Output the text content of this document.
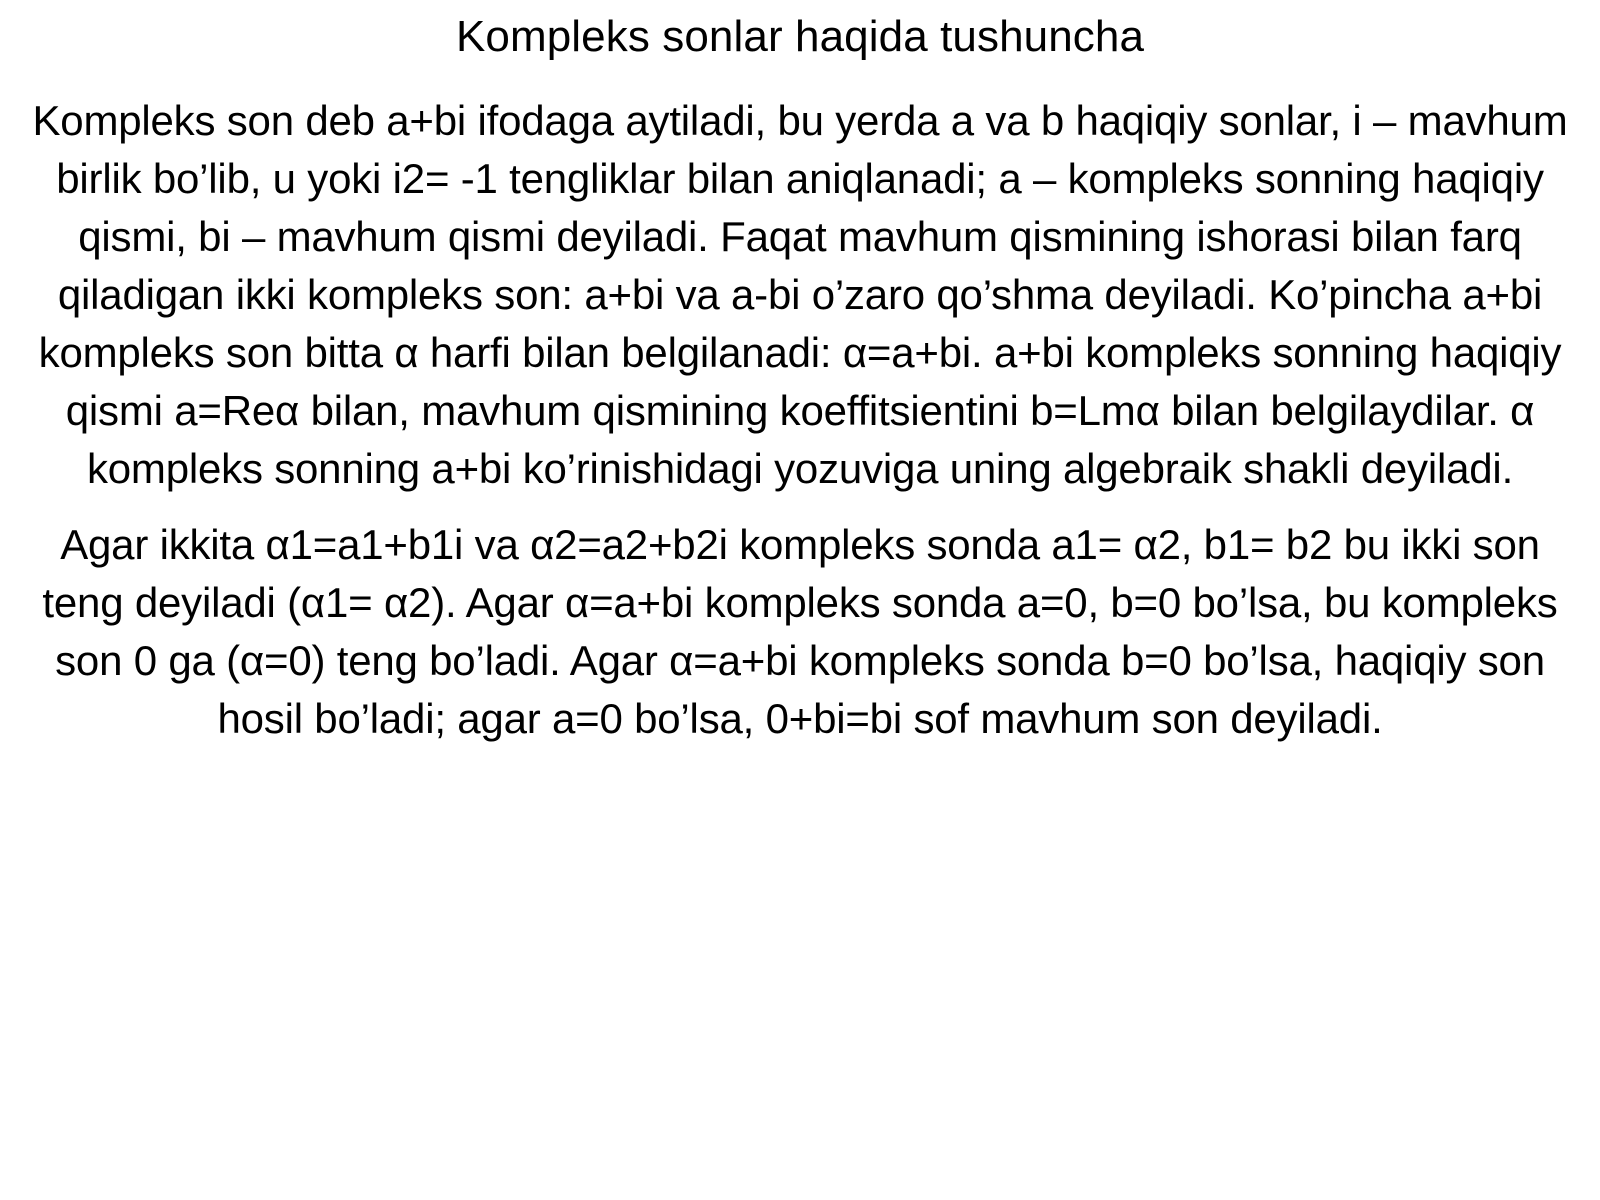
Kompleks sonlar haqida tushuncha

Kompleks son deb a+bi ifodaga aytiladi, bu yerda a va b haqiqiy sonlar, i – mavhum birlik bo’lib, u yoki i2= -1 tengliklar bilan aniqlanadi; a – kompleks sonning haqiqiy qismi, bi – mavhum qismi deyiladi. Faqat mavhum qismining ishorasi bilan farq qiladigan ikki kompleks son: a+bi va a-bi o’zaro qo’shma deyiladi. Ko’pincha a+bi kompleks son bitta α harfi bilan belgilanadi: α=a+bi. a+bi kompleks sonning haqiqiy qismi a=Reα bilan, mavhum qismining koeffitsientini b=Lmα bilan belgilaydilar. α kompleks sonning a+bi ko’rinishidagi yozuviga uning algebraik shakli deyiladi.

Agar ikkita α1=a1+b1i va α2=a2+b2i kompleks sonda a1= α2, b1= b2 bu ikki son teng deyiladi (α1= α2). Agar α=a+bi kompleks sonda a=0, b=0 bo’lsa, bu kompleks son 0 ga (α=0) teng bo’ladi. Agar α=a+bi kompleks sonda b=0 bo’lsa, haqiqiy son hosil bo’ladi; agar a=0 bo’lsa, 0+bi=bi sof mavhum son deyiladi.
